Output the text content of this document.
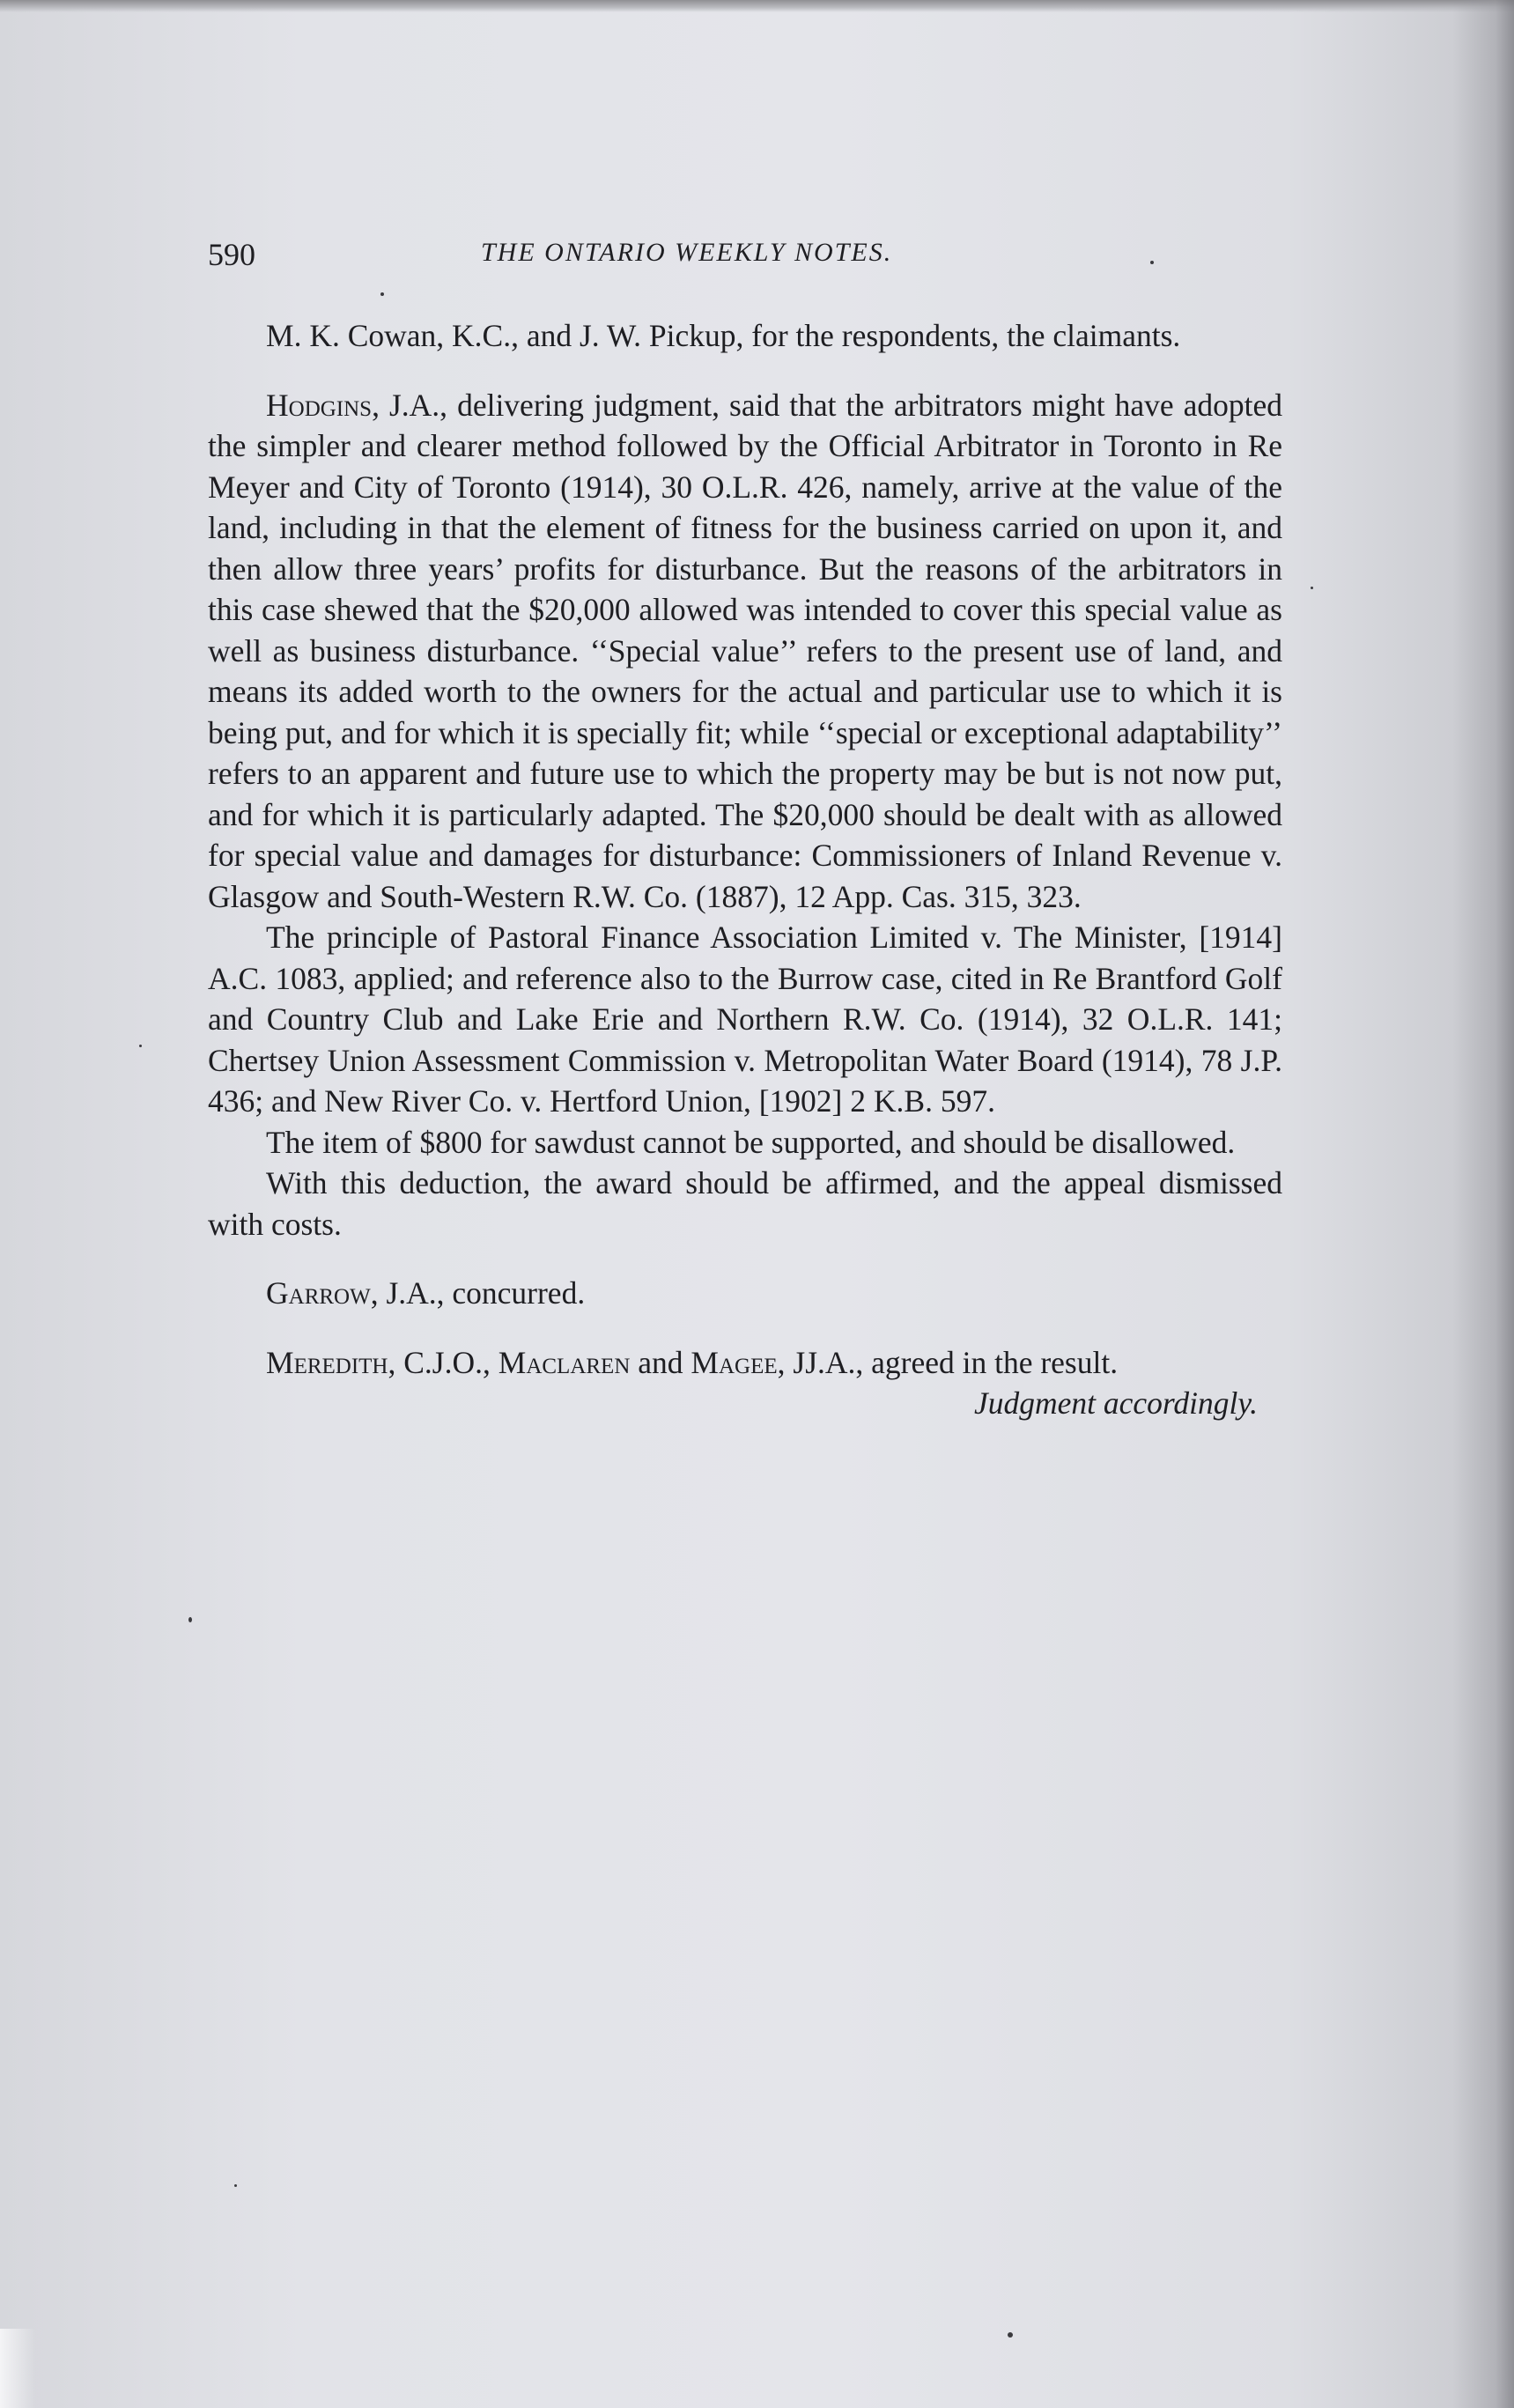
590	THE ONTARIO WEEKLY NOTES.

M. K. Cowan, K.C., and J. W. Pickup, for the respondents, the claimants.

Hodgins, J.A., delivering judgment, said that the arbitrators might have adopted the simpler and clearer method followed by the Official Arbitrator in Toronto in Re Meyer and City of Toronto (1914), 30 O.L.R. 426, namely, arrive at the value of the land, including in that the element of fitness for the business carried on upon it, and then allow three years’ profits for disturbance. But the reasons of the arbitrators in this case shewed that the $20,000 allowed was intended to cover this special value as well as business disturbance. ‘‘Special value’’ refers to the present use of land, and means its added worth to the owners for the actual and particular use to which it is being put, and for which it is specially fit; while ‘‘special or exceptional adaptability’’ refers to an apparent and future use to which the property may be but is not now put, and for which it is particularly adapted. The $20,000 should be dealt with as allowed for special value and damages for disturbance: Commissioners of Inland Revenue v. Glasgow and South-Western R.W. Co. (1887), 12 App. Cas. 315, 323.

The principle of Pastoral Finance Association Limited v. The Minister, [1914] A.C. 1083, applied; and reference also to the Burrow case, cited in Re Brantford Golf and Country Club and Lake Erie and Northern R.W. Co. (1914), 32 O.L.R. 141; Chertsey Union Assessment Commission v. Metropolitan Water Board (1914), 78 J.P. 436; and New River Co. v. Hertford Union, [1902] 2 K.B. 597.

The item of $800 for sawdust cannot be supported, and should be disallowed.

With this deduction, the award should be affirmed, and the appeal dismissed with costs.

Garrow, J.A., concurred.

Meredith, C.J.O., Maclaren and Magee, JJ.A., agreed in the result.

Judgment accordingly.
